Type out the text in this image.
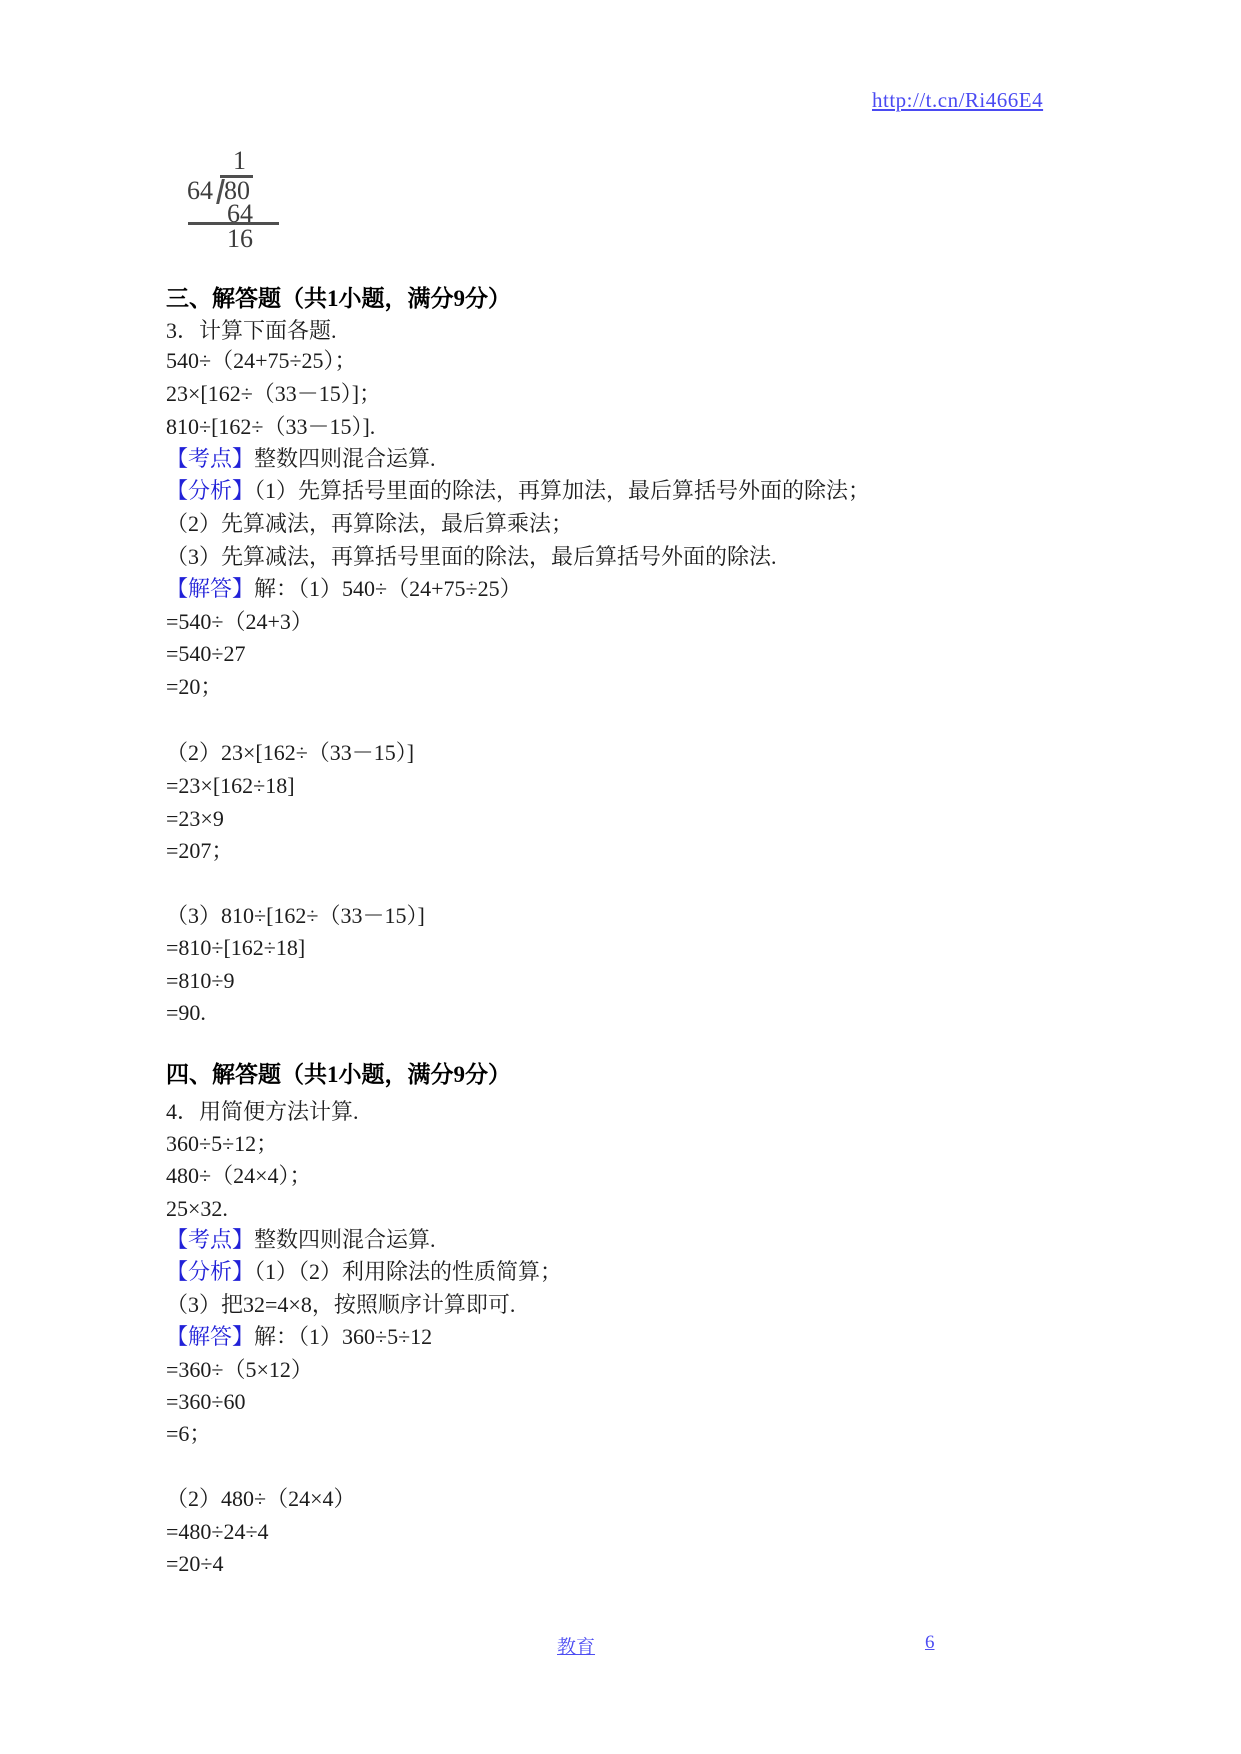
http://t.cn/Ri466E4
1
64 80
64
16
三、解答题（共1小题，满分9分）
3．计算下面各题.
540÷（24+75÷25）；
23×[162÷（33－15）]；
810÷[162÷（33－15）].
【考点】整数四则混合运算.
【分析】（1）先算括号里面的除法，再算加法，最后算括号外面的除法；
（2）先算减法，再算除法，最后算乘法；
（3）先算减法，再算括号里面的除法，最后算括号外面的除法.
【解答】解：（1）540÷（24+75÷25）
=540÷（24+3）
=540÷27
=20；
（2）23×[162÷（33－15）]
=23×[162÷18]
=23×9
=207；
（3）810÷[162÷（33－15）]
=810÷[162÷18]
=810÷9
=90.
四、解答题（共1小题，满分9分）
4．用简便方法计算.
360÷5÷12；
480÷（24×4）；
25×32.
【考点】整数四则混合运算.
【分析】（1）（2）利用除法的性质简算；
（3）把32=4×8，按照顺序计算即可.
【解答】解：（1）360÷5÷12
=360÷（5×12）
=360÷60
=6；
（2）480÷（24×4）
=480÷24÷4
=20÷4
教育	6
